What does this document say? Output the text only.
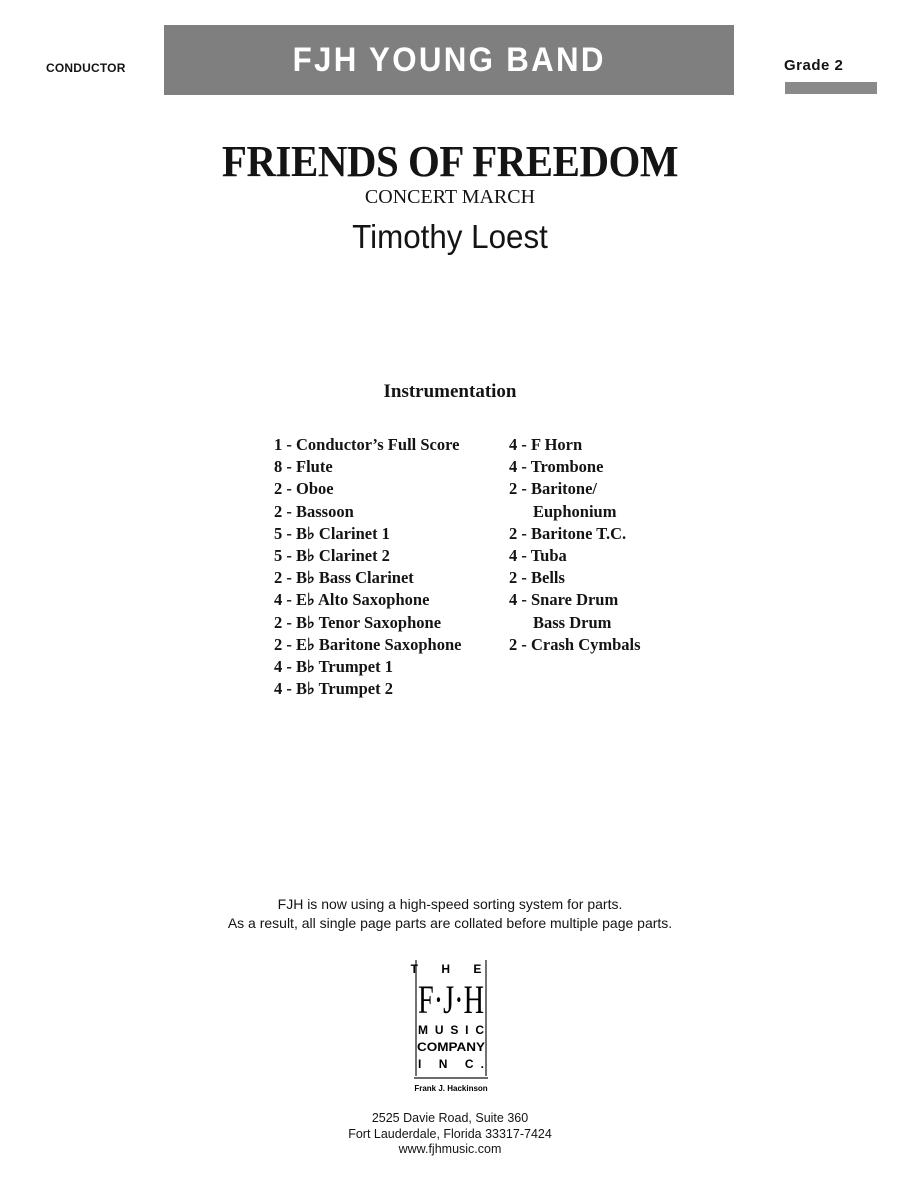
CONDUCTOR	FJH YOUNG BAND	Grade 2
FRIENDS OF FREEDOM
CONCERT MARCH
Timothy Loest
Instrumentation
1 - Conductor’s Full Score
8 - Flute
2 - Oboe
2 - Bassoon
5 - B♭ Clarinet 1
5 - B♭ Clarinet 2
2 - B♭ Bass Clarinet
4 - E♭ Alto Saxophone
2 - B♭ Tenor Saxophone
2 - E♭ Baritone Saxophone
4 - B♭ Trumpet 1
4 - B♭ Trumpet 2
4 - F Horn
4 - Trombone
2 - Baritone/
Euphonium
2 - Baritone T.C.
4 - Tuba
2 - Bells
4 - Snare Drum
Bass Drum
2 - Crash Cymbals
FJH is now using a high-speed sorting system for parts.
As a result, all single page parts are collated before multiple page parts.
T H E
F·J·H
MUSIC
COMPANY
I N C.
Frank J. Hackinson
2525 Davie Road, Suite 360
Fort Lauderdale, Florida 33317-7424
www.fjhmusic.com
